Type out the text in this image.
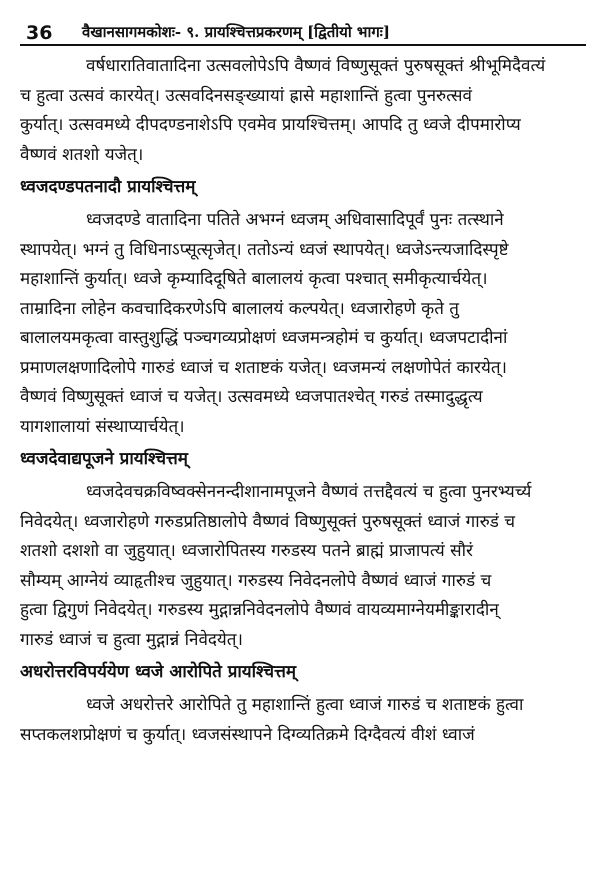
36 वैखानसागमकोशः- ९. प्रायश्चित्तप्रकरणम् [द्वितीयो भागः]
वर्षधारातिवातादिना उत्सवलोपेऽपि वैष्णवं विष्णुसूक्तं पुरुषसूक्तं श्रीभूमिदैवत्यं
च हुत्वा उत्सवं कारयेत्। उत्सवदिनसङ्ख्यायां ह्रासे महाशान्तिं हुत्वा पुनरुत्सवं
कुर्यात्। उत्सवमध्ये दीपदण्डनाशेऽपि एवमेव प्रायश्चित्तम्। आपदि तु ध्वजे दीपमारोप्य
वैष्णवं शतशो यजेत्।
ध्वजदण्डपतनादौ प्रायश्चित्तम्
ध्वजदण्डे वातादिना पतिते अभग्नं ध्वजम् अधिवासादिपूर्वं पुनः तत्स्थाने
स्थापयेत्। भग्नं तु विधिनाऽप्सूत्सृजेत्। ततोऽन्यं ध्वजं स्थापयेत्। ध्वजेऽन्त्यजादिस्पृष्टे
महाशान्तिं कुर्यात्। ध्वजे कृम्यादिदूषिते बालालयं कृत्वा पश्चात् समीकृत्यार्चयेत्।
ताम्रादिना लोहेन कवचादिकरणेऽपि बालालयं कल्पयेत्। ध्वजारोहणे कृते तु
बालालयमकृत्वा वास्तुशुद्धिं पञ्चगव्यप्रोक्षणं ध्वजमन्त्रहोमं च कुर्यात्। ध्वजपटादीनां
प्रमाणलक्षणादिलोपे गारुडं ध्वाजं च शताष्टकं यजेत्। ध्वजमन्यं लक्षणोपेतं कारयेत्।
वैष्णवं विष्णुसूक्तं ध्वाजं च यजेत्। उत्सवमध्ये ध्वजपातश्चेत् गरुडं तस्मादुद्धृत्य
यागशालायां संस्थाप्यार्चयेत्।
ध्वजदेवाद्यपूजने प्रायश्चित्तम्
ध्वजदेवचक्रविष्वक्सेननन्दीशानामपूजने वैष्णवं तत्तद्दैवत्यं च हुत्वा पुनरभ्यर्च्य
निवेदयेत्। ध्वजारोहणे गरुडप्रतिष्ठालोपे वैष्णवं विष्णुसूक्तं पुरुषसूक्तं ध्वाजं गारुडं च
शतशो दशशो वा जुहुयात्। ध्वजारोपितस्य गरुडस्य पतने ब्राह्मं प्राजापत्यं सौरं
सौम्यम् आग्नेयं व्याहृतीश्च जुहुयात्। गरुडस्य निवेदनलोपे वैष्णवं ध्वाजं गारुडं च
हुत्वा द्विगुणं निवेदयेत्। गरुडस्य मुद्गान्ननिवेदनलोपे वैष्णवं वायव्यमाग्नेयमीङ्कारादीन्
गारुडं ध्वाजं च हुत्वा मुद्गान्नं निवेदयेत्।
अधरोत्तरविपर्ययेण ध्वजे आरोपिते प्रायश्चित्तम्
ध्वजे अधरोत्तरे आरोपिते तु महाशान्तिं हुत्वा ध्वाजं गारुडं च शताष्टकं हुत्वा
सप्तकलशप्रोक्षणं च कुर्यात्। ध्वजसंस्थापने दिग्व्यतिक्रमे दिग्दैवत्यं वीशं ध्वाजं
